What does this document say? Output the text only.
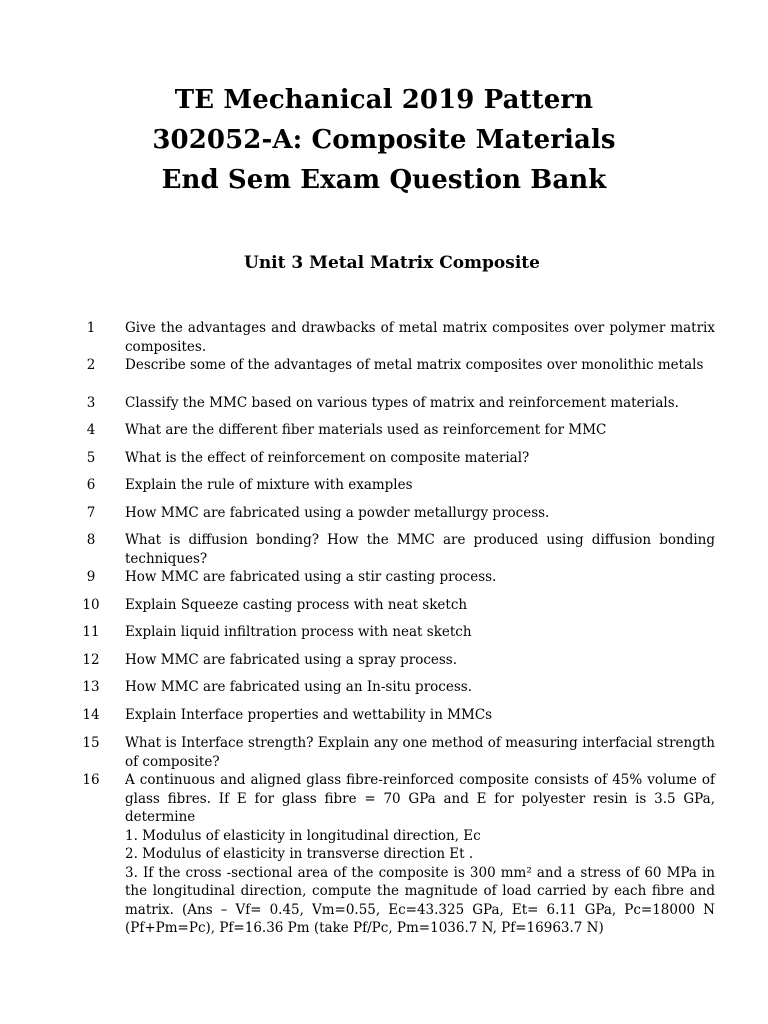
TE Mechanical 2019 Pattern
302052-A: Composite Materials
End Sem Exam Question Bank
Unit 3 Metal Matrix Composite
1	Give the advantages and drawbacks of metal matrix composites over polymer matrix composites.
2	Describe some of the advantages of metal matrix composites over monolithic metals
3	Classify the MMC based on various types of matrix and reinforcement materials.
4	What are the different fiber materials used as reinforcement for MMC
5	What is the effect of reinforcement on composite material?
6	Explain the rule of mixture with examples
7	How MMC are fabricated using a powder metallurgy process.
8	What is diffusion bonding? How the MMC are produced using diffusion bonding techniques?
9	How MMC are fabricated using a stir casting process.
10	Explain Squeeze casting process with neat sketch
11	Explain liquid infiltration process with neat sketch
12	How MMC are fabricated using a spray process.
13	How MMC are fabricated using an In-situ process.
14	Explain Interface properties and wettability in MMCs
15	What is Interface strength? Explain any one method of measuring interfacial strength of composite?
16	A continuous and aligned glass fibre-reinforced composite consists of 45% volume of glass fibres. If E for glass fibre = 70 GPa and E for polyester resin is 3.5 GPa, determine

1. Modulus of elasticity in longitudinal direction, Ec

2. Modulus of elasticity in transverse direction Et .

3. If the cross -sectional area of the composite is 300 mm² and a stress of 60 MPa in the longitudinal direction, compute the magnitude of load carried by each fibre and matrix. (Ans – Vf= 0.45, Vm=0.55, Ec=43.325 GPa, Et= 6.11 GPa, Pc=18000 N (Pf+Pm=Pc), Pf=16.36 Pm (take Pf/Pc, Pm=1036.7 N, Pf=16963.7 N)
